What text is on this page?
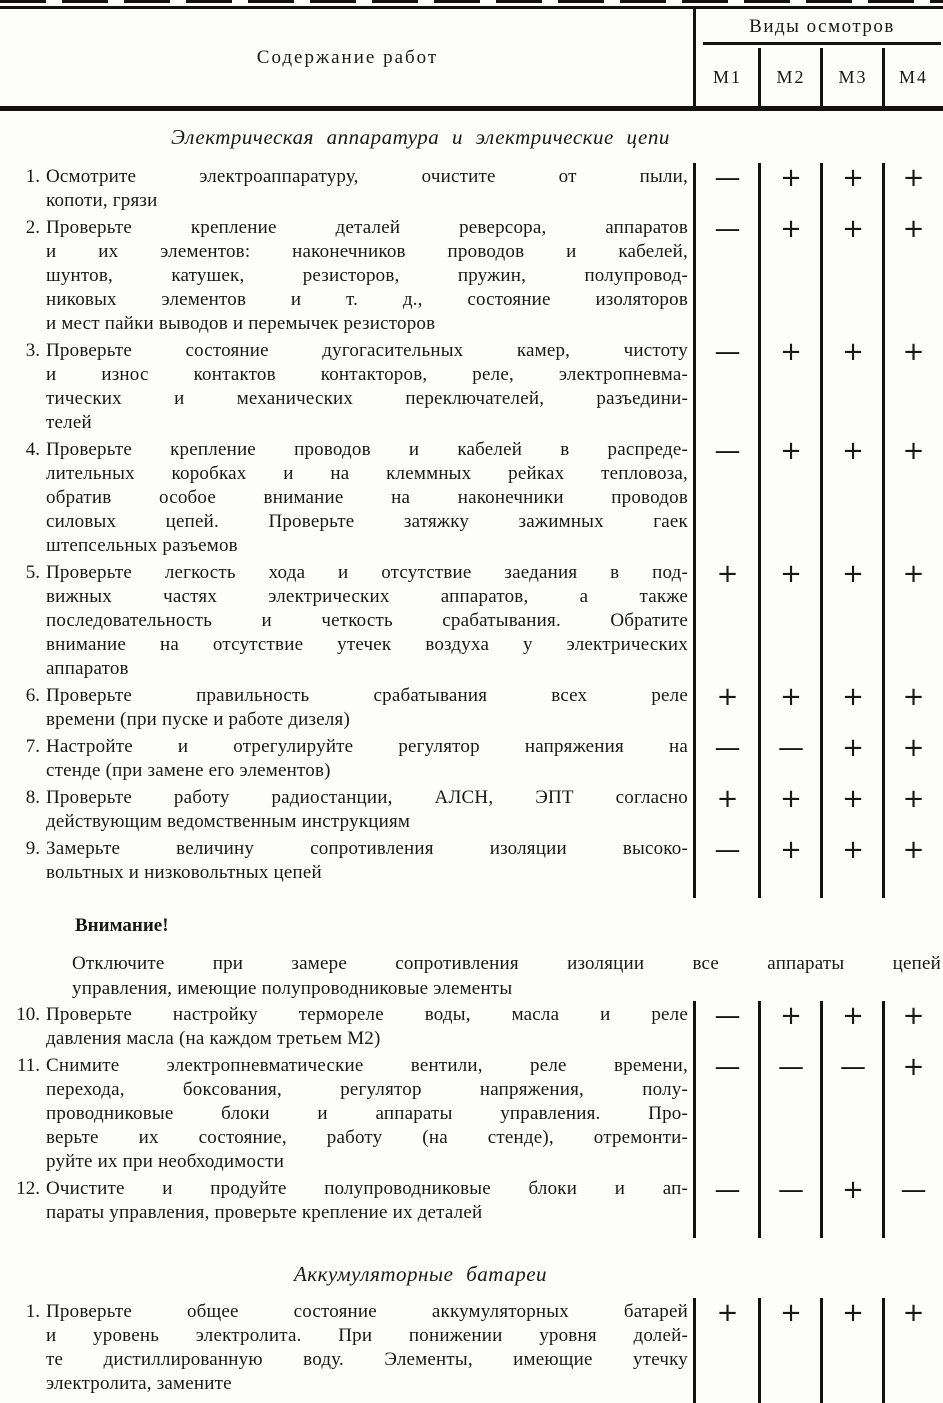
Содержание работ
Виды осмотров
М1	М2	М3	М4
Электрическая аппаратура и электрические цепи
1. Осмотрите электроаппаратуру, очистите от пыли,
копоти, грязи
—	+	+	+
2. Проверьте крепление деталей реверсора, аппаратов
и их элементов: наконечников проводов и кабелей,
шунтов, катушек, резисторов, пружин, полупровод-
никовых элементов и т. д., состояние изоляторов
и мест пайки выводов и перемычек резисторов
—	+	+	+
3. Проверьте состояние дугогасительных камер, чистоту
и износ контактов контакторов, реле, электропневма-
тических и механических переключателей, разъедини-
телей
—	+	+	+
4. Проверьте крепление проводов и кабелей в распреде-
лительных коробках и на клеммных рейках тепловоза,
обратив особое внимание на наконечники проводов
силовых цепей. Проверьте затяжку зажимных гаек
штепсельных разъемов
—	+	+	+
5. Проверьте легкость хода и отсутствие заедания в под-
вижных частях электрических аппаратов, а также
последовательность и четкость срабатывания. Обратите
внимание на отсутствие утечек воздуха у электрических
аппаратов
+	+	+	+
6. Проверьте правильность срабатывания всех реле
времени (при пуске и работе дизеля)
+	+	+	+
7. Настройте и отрегулируйте регулятор напряжения на
стенде (при замене его элементов)
—	—	+	+
8. Проверьте работу радиостанции, АЛСН, ЭПТ согласно
действующим ведомственным инструкциям
+	+	+	+
9. Замерьте величину сопротивления изоляции высоко-
вольтных и низковольтных цепей
—	+	+	+
Внимание!
Отключите при замере сопротивления изоляции все аппараты цепей
управления, имеющие полупроводниковые элементы
10. Проверьте настройку термореле воды, масла и реле
давления масла (на каждом третьем М2)
—	+	+	+
11. Снимите электропневматические вентили, реле времени,
перехода, боксования, регулятор напряжения, полу-
проводниковые блоки и аппараты управления. Про-
верьте их состояние, работу (на стенде), отремонти-
руйте их при необходимости
—	—	—	+
12. Очистите и продуйте полупроводниковые блоки и ап-
параты управления, проверьте крепление их деталей
—	—	+	—
Аккумуляторные батареи
1. Проверьте общее состояние аккумуляторных батарей
и уровень электролита. При понижении уровня долей-
те дистиллированную воду. Элементы, имеющие утечку
электролита, замените
+	+	+	+
